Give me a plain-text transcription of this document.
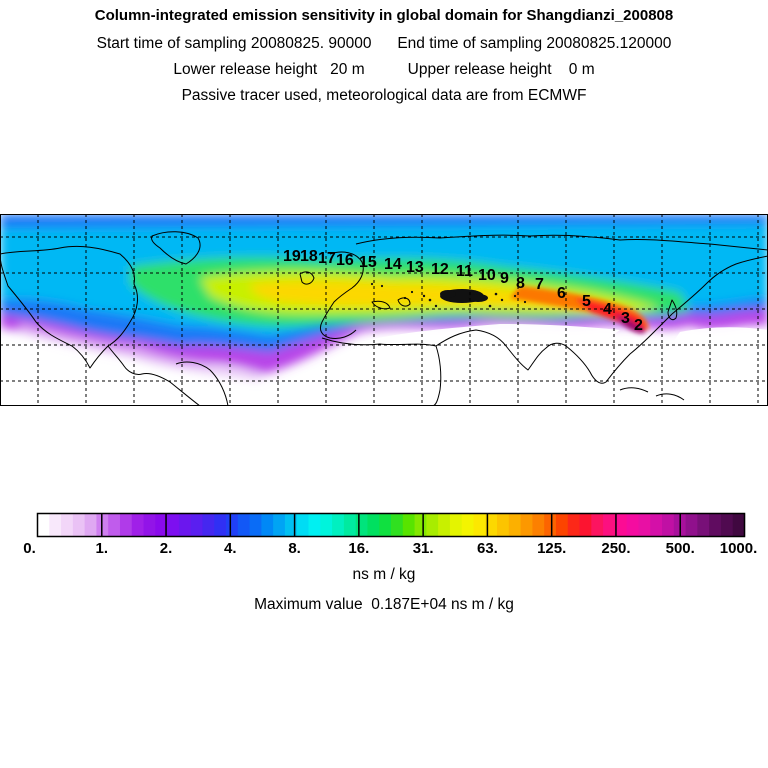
Column-integrated emission sensitivity in global domain for Shangdianzi_200808
Start time of sampling 20080825. 90000      End time of sampling 20080825.120000
Lower release height   20 m          Upper release height    0 m
Passive tracer used, meteorological data are from ECMWF
19 18 17 16 15 14 13 12 11 10 9 8 7
6 5 4
3 2
0.	1.	2.	4.	8.	16.	31.	63.	125. 250. 500. 1000.
ns m / kg
Maximum value  0.187E+04 ns m / kg
